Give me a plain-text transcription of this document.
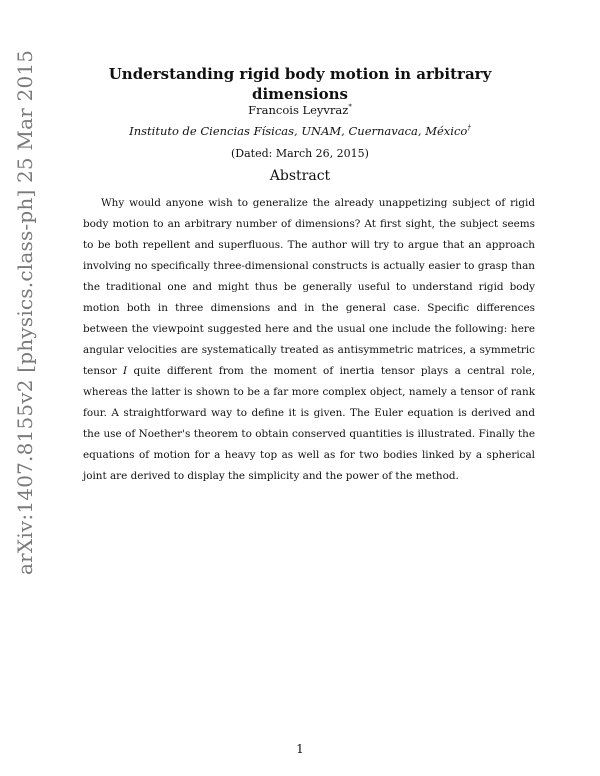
arXiv:1407.8155v2 [physics.class-ph] 25 Mar 2015	Understanding rigid body motion in arbitrary dimensions
Francois Leyvraz*
Instituto de Ciencias Físicas, UNAM, Cuernavaca, México†
(Dated: March 26, 2015)
Abstract

Why would anyone wish to generalize the already unappetizing subject of rigid body motion to an arbitrary number of dimensions? At first sight, the subject seems to be both repellent and superfluous. The author will try to argue that an approach involving no specifically three-dimensional constructs is actually easier to grasp than the traditional one and might thus be generally useful to understand rigid body motion both in three dimensions and in the general case. Specific differences between the viewpoint suggested here and the usual one include the following: here angular velocities are systematically treated as antisymmetric matrices, a symmetric tensor I quite different from the moment of inertia tensor plays a central role, whereas the latter is shown to be a far more complex object, namely a tensor of rank four. A straightforward way to define it is given. The Euler equation is derived and the use of Noether's theorem to obtain conserved quantities is illustrated. Finally the equations of motion for a heavy top as well as for two bodies linked by a spherical joint are derived to display the simplicity and the power of the method.

1
